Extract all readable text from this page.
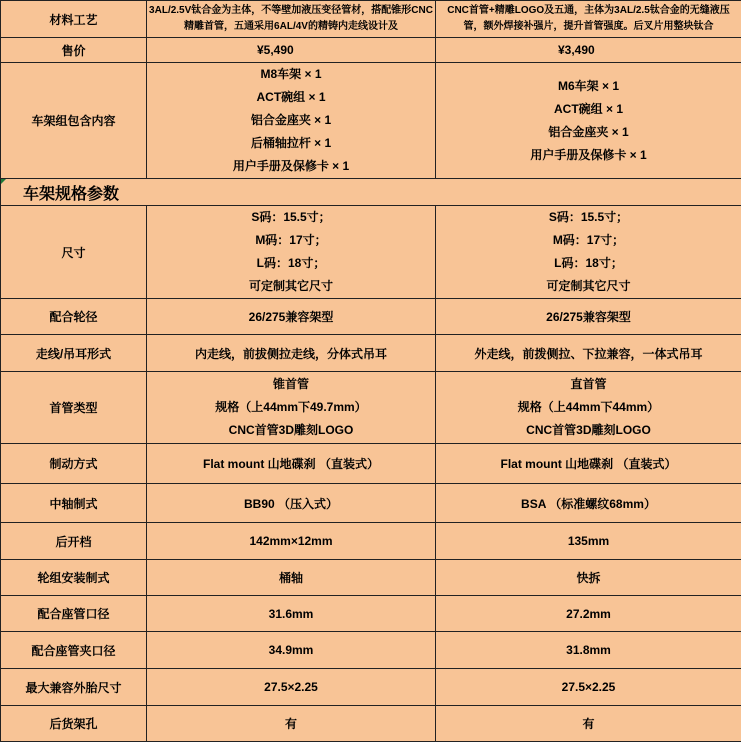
材料工艺	3AL/2.5V钛合金为主体，不等壁加液压变径管材，搭配锥形CNC精雕首管，五通采用6AL/4V的精铸内走线设计及	CNC首管+精雕LOGO及五通，主体为3AL/2.5钛合金的无缝液压管，额外焊接补强片，提升首管强度。后叉片用整块钛合
售价	¥5,490	¥3,490
车架组包含内容	M8车架 × 1
ACT碗组 × 1
铝合金座夹 × 1
后桶轴拉杆 × 1
用户手册及保修卡 × 1	M6车架 × 1
ACT碗组 × 1
铝合金座夹 × 1
用户手册及保修卡 × 1

车架规格参数		
尺寸	S码：15.5寸；
M码：17寸；
L码：18寸；
可定制其它尺寸	S码：15.5寸；
M码：17寸；
L码：18寸；
可定制其它尺寸

配合轮径	26/275兼容架型	26/275兼容架型
走线/吊耳形式	内走线，前拔侧拉走线，分体式吊耳	外走线，前拨侧拉、下拉兼容，一体式吊耳
首管类型	锥首管
规格（上44mm下49.7mm）
CNC首管3D雕刻LOGO	直首管
规格（上44mm下44mm）
CNC首管3D雕刻LOGO

制动方式	Flat mount 山地碟刹 （直装式）	Flat mount 山地碟刹 （直装式）
中轴制式	BB90 （压入式）	BSA （标准螺纹68mm）
后开档	142mm×12mm	135mm
轮组安装制式	桶轴	快拆
配合座管口径	31.6mm	27.2mm
配合座管夹口径	34.9mm	31.8mm
最大兼容外胎尺寸	27.5×2.25	27.5×2.25
后货架孔	有	有
